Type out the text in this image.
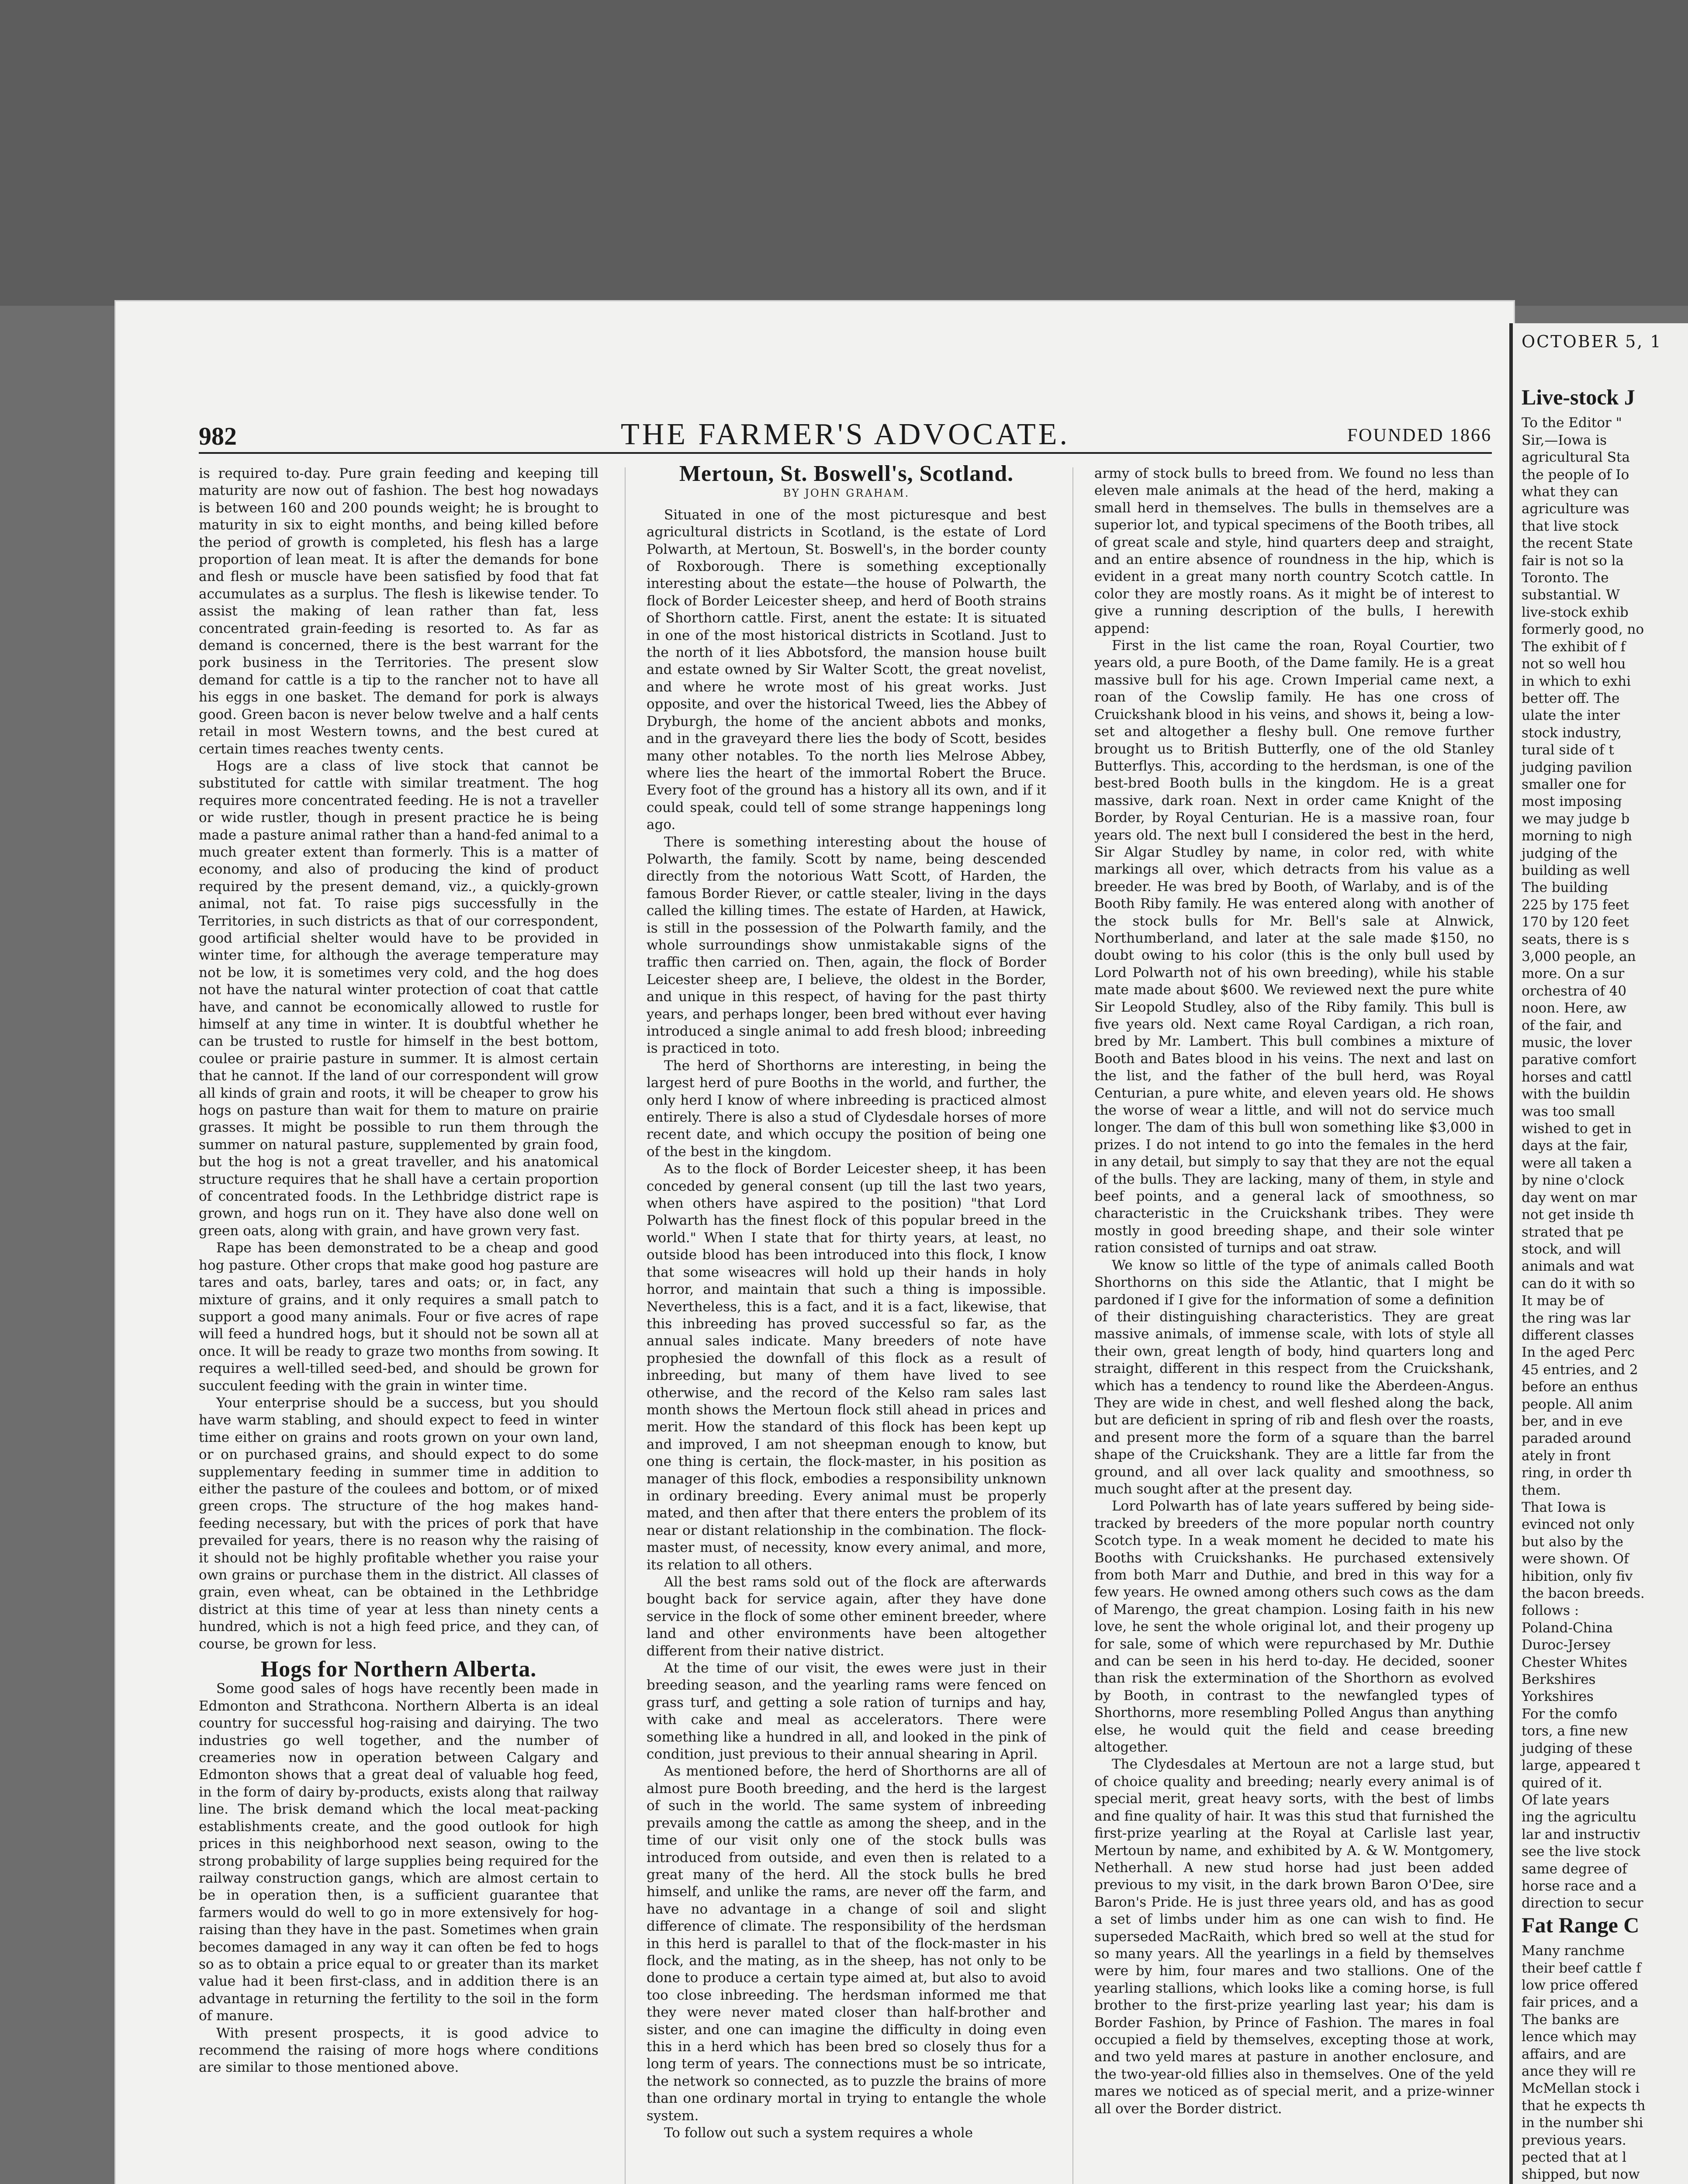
982	THE FARMER'S ADVOCATE.	FOUNDED 1866

is required to-day. Pure grain feeding and keeping till maturity are now out of fashion. The best hog nowadays is between 160 and 200 pounds weight; he is brought to maturity in six to eight months, and being killed before the period of growth is completed, his flesh has a large proportion of lean meat. It is after the demands for bone and flesh or muscle have been satisfied by food that fat accumulates as a surplus. The flesh is likewise tender. To assist the making of lean rather than fat, less concentrated grain-feeding is resorted to. As far as demand is concerned, there is the best warrant for the pork business in the Territories. The present slow demand for cattle is a tip to the rancher not to have all his eggs in one basket. The demand for pork is always good. Green bacon is never below twelve and a half cents retail in most Western towns, and the best cured at certain times reaches twenty cents.

Hogs are a class of live stock that cannot be substituted for cattle with similar treatment. The hog requires more concentrated feeding. He is not a traveller or wide rustler, though in present practice he is being made a pasture animal rather than a hand-fed animal to a much greater extent than formerly. This is a matter of economy, and also of producing the kind of product required by the present demand, viz., a quickly-grown animal, not fat. To raise pigs successfully in the Territories, in such districts as that of our correspondent, good artificial shelter would have to be provided in winter time, for although the average temperature may not be low, it is sometimes very cold, and the hog does not have the natural winter protection of coat that cattle have, and cannot be economically allowed to rustle for himself at any time in winter. It is doubtful whether he can be trusted to rustle for himself in the best bottom, coulee or prairie pasture in summer. It is almost certain that he cannot. If the land of our correspondent will grow all kinds of grain and roots, it will be cheaper to grow his hogs on pasture than wait for them to mature on prairie grasses. It might be possible to run them through the summer on natural pasture, supplemented by grain food, but the hog is not a great traveller, and his anatomical structure requires that he shall have a certain proportion of concentrated foods. In the Lethbridge district rape is grown, and hogs run on it. They have also done well on green oats, along with grain, and have grown very fast.

Rape has been demonstrated to be a cheap and good hog pasture. Other crops that make good hog pasture are tares and oats, barley, tares and oats; or, in fact, any mixture of grains, and it only requires a small patch to support a good many animals. Four or five acres of rape will feed a hundred hogs, but it should not be sown all at once. It will be ready to graze two months from sowing. It requires a well-tilled seed-bed, and should be grown for succulent feeding with the grain in winter time.

Your enterprise should be a success, but you should have warm stabling, and should expect to feed in winter time either on grains and roots grown on your own land, or on purchased grains, and should expect to do some supplementary feeding in summer time in addition to either the pasture of the coulees and bottom, or of mixed green crops. The structure of the hog makes hand-feeding necessary, but with the prices of pork that have prevailed for years, there is no reason why the raising of it should not be highly profitable whether you raise your own grains or purchase them in the district. All classes of grain, even wheat, can be obtained in the Lethbridge district at this time of year at less than ninety cents a hundred, which is not a high feed price, and they can, of course, be grown for less.

Hogs for Northern Alberta.

Some good sales of hogs have recently been made in Edmonton and Strathcona. Northern Alberta is an ideal country for successful hog-raising and dairying. The two industries go well together, and the number of creameries now in operation between Calgary and Edmonton shows that a great deal of valuable hog feed, in the form of dairy by-products, exists along that railway line. The brisk demand which the local meat-packing establishments create, and the good outlook for high prices in this neighborhood next season, owing to the strong probability of large supplies being required for the railway construction gangs, which are almost certain to be in operation then, is a sufficient guarantee that farmers would do well to go in more extensively for hog-raising than they have in the past. Sometimes when grain becomes damaged in any way it can often be fed to hogs so as to obtain a price equal to or greater than its market value had it been first-class, and in addition there is an advantage in returning the fertility to the soil in the form of manure.

With present prospects, it is good advice to recommend the raising of more hogs where conditions are similar to those mentioned above.

Mertoun, St. Boswell's, Scotland.
BY JOHN GRAHAM.

Situated in one of the most picturesque and best agricultural districts in Scotland, is the estate of Lord Polwarth, at Mertoun, St. Boswell's, in the border county of Roxborough. There is something exceptionally interesting about the estate—the house of Polwarth, the flock of Border Leicester sheep, and herd of Booth strains of Shorthorn cattle. First, anent the estate: It is situated in one of the most historical districts in Scotland. Just to the north of it lies Abbotsford, the mansion house built and estate owned by Sir Walter Scott, the great novelist, and where he wrote most of his great works. Just opposite, and over the historical Tweed, lies the Abbey of Dryburgh, the home of the ancient abbots and monks, and in the graveyard there lies the body of Scott, besides many other notables. To the north lies Melrose Abbey, where lies the heart of the immortal Robert the Bruce. Every foot of the ground has a history all its own, and if it could speak, could tell of some strange happenings long ago.

There is something interesting about the house of Polwarth, the family. Scott by name, being descended directly from the notorious Watt Scott, of Harden, the famous Border Riever, or cattle stealer, living in the days called the killing times. The estate of Harden, at Hawick, is still in the possession of the Polwarth family, and the whole surroundings show unmistakable signs of the traffic then carried on. Then, again, the flock of Border Leicester sheep are, I believe, the oldest in the Border, and unique in this respect, of having for the past thirty years, and perhaps longer, been bred without ever having introduced a single animal to add fresh blood; inbreeding is practiced in toto.

The herd of Shorthorns are interesting, in being the largest herd of pure Booths in the world, and further, the only herd I know of where inbreeding is practiced almost entirely. There is also a stud of Clydesdale horses of more recent date, and which occupy the position of being one of the best in the kingdom.

As to the flock of Border Leicester sheep, it has been conceded by general consent (up till the last two years, when others have aspired to the position) "that Lord Polwarth has the finest flock of this popular breed in the world." When I state that for thirty years, at least, no outside blood has been introduced into this flock, I know that some wiseacres will hold up their hands in holy horror, and maintain that such a thing is impossible. Nevertheless, this is a fact, and it is a fact, likewise, that this inbreeding has proved successful so far, as the annual sales indicate. Many breeders of note have prophesied the downfall of this flock as a result of inbreeding, but many of them have lived to see otherwise, and the record of the Kelso ram sales last month shows the Mertoun flock still ahead in prices and merit. How the standard of this flock has been kept up and improved, I am not sheepman enough to know, but one thing is certain, the flock-master, in his position as manager of this flock, embodies a responsibility unknown in ordinary breeding. Every animal must be properly mated, and then after that there enters the problem of its near or distant relationship in the combination. The flock-master must, of necessity, know every animal, and more, its relation to all others.

All the best rams sold out of the flock are afterwards bought back for service again, after they have done service in the flock of some other eminent breeder, where land and other environments have been altogether different from their native district.

At the time of our visit, the ewes were just in their breeding season, and the yearling rams were fenced on grass turf, and getting a sole ration of turnips and hay, with cake and meal as accelerators. There were something like a hundred in all, and looked in the pink of condition, just previous to their annual shearing in April.

As mentioned before, the herd of Shorthorns are all of almost pure Booth breeding, and the herd is the largest of such in the world. The same system of inbreeding prevails among the cattle as among the sheep, and in the time of our visit only one of the stock bulls was introduced from outside, and even then is related to a great many of the herd. All the stock bulls he bred himself, and unlike the rams, are never off the farm, and have no advantage in a change of soil and slight difference of climate. The responsibility of the herdsman in this herd is parallel to that of the flock-master in his flock, and the mating, as in the sheep, has not only to be done to produce a certain type aimed at, but also to avoid too close inbreeding. The herdsman informed me that they were never mated closer than half-brother and sister, and one can imagine the difficulty in doing even this in a herd which has been bred so closely thus for a long term of years. The connections must be so intricate, the network so connected, as to puzzle the brains of more than one ordinary mortal in trying to entangle the whole system.

To follow out such a system requires a whole

army of stock bulls to breed from. We found no less than eleven male animals at the head of the herd, making a small herd in themselves. The bulls in themselves are a superior lot, and typical specimens of the Booth tribes, all of great scale and style, hind quarters deep and straight, and an entire absence of roundness in the hip, which is evident in a great many north country Scotch cattle. In color they are mostly roans. As it might be of interest to give a running description of the bulls, I herewith append:

First in the list came the roan, Royal Courtier, two years old, a pure Booth, of the Dame family. He is a great massive bull for his age. Crown Imperial came next, a roan of the Cowslip family. He has one cross of Cruickshank blood in his veins, and shows it, being a low-set and altogether a fleshy bull. One remove further brought us to British Butterfly, one of the old Stanley Butterflys. This, according to the herdsman, is one of the best-bred Booth bulls in the kingdom. He is a great massive, dark roan. Next in order came Knight of the Border, by Royal Centurian. He is a massive roan, four years old. The next bull I considered the best in the herd, Sir Algar Studley by name, in color red, with white markings all over, which detracts from his value as a breeder. He was bred by Booth, of Warlaby, and is of the Booth Riby family. He was entered along with another of the stock bulls for Mr. Bell's sale at Alnwick, Northumberland, and later at the sale made $150, no doubt owing to his color (this is the only bull used by Lord Polwarth not of his own breeding), while his stable mate made about $600. We reviewed next the pure white Sir Leopold Studley, also of the Riby family. This bull is five years old. Next came Royal Cardigan, a rich roan, bred by Mr. Lambert. This bull combines a mixture of Booth and Bates blood in his veins. The next and last on the list, and the father of the bull herd, was Royal Centurian, a pure white, and eleven years old. He shows the worse of wear a little, and will not do service much longer. The dam of this bull won something like $3,000 in prizes. I do not intend to go into the females in the herd in any detail, but simply to say that they are not the equal of the bulls. They are lacking, many of them, in style and beef points, and a general lack of smoothness, so characteristic in the Cruickshank tribes. They were mostly in good breeding shape, and their sole winter ration consisted of turnips and oat straw.

We know so little of the type of animals called Booth Shorthorns on this side the Atlantic, that I might be pardoned if I give for the information of some a definition of their distinguishing characteristics. They are great massive animals, of immense scale, with lots of style all their own, great length of body, hind quarters long and straight, different in this respect from the Cruickshank, which has a tendency to round like the Aberdeen-Angus. They are wide in chest, and well fleshed along the back, but are deficient in spring of rib and flesh over the roasts, and present more the form of a square than the barrel shape of the Cruickshank. They are a little far from the ground, and all over lack quality and smoothness, so much sought after at the present day.

Lord Polwarth has of late years suffered by being side-tracked by breeders of the more popular north country Scotch type. In a weak moment he decided to mate his Booths with Cruickshanks. He purchased extensively from both Marr and Duthie, and bred in this way for a few years. He owned among others such cows as the dam of Marengo, the great champion. Losing faith in his new love, he sent the whole original lot, and their progeny up for sale, some of which were repurchased by Mr. Duthie and can be seen in his herd to-day. He decided, sooner than risk the extermination of the Shorthorn as evolved by Booth, in contrast to the newfangled types of Shorthorns, more resembling Polled Angus than anything else, he would quit the field and cease breeding altogether.

The Clydesdales at Mertoun are not a large stud, but of choice quality and breeding; nearly every animal is of special merit, great heavy sorts, with the best of limbs and fine quality of hair. It was this stud that furnished the first-prize yearling at the Royal at Carlisle last year, Mertoun by name, and exhibited by A. & W. Montgomery, Netherhall. A new stud horse had just been added previous to my visit, in the dark brown Baron O'Dee, sire Baron's Pride. He is just three years old, and has as good a set of limbs under him as one can wish to find. He superseded MacRaith, which bred so well at the stud for so many years. All the yearlings in a field by themselves were by him, four mares and two stallions. One of the yearling stallions, which looks like a coming horse, is full brother to the first-prize yearling last year; his dam is Border Fashion, by Prince of Fashion. The mares in foal occupied a field by themselves, excepting those at work, and two yeld mares at pasture in another enclosure, and the two-year-old fillies also in themselves. One of the yeld mares we noticed as of special merit, and a prize-winner all over the Border district.

OCTOBER 5, 1
Live-stock J
To the Editor "
Sir,—Iowa is
agricultural Sta
the people of Io
what they can
agriculture was
that live stock
the recent State
fair is not so la
Toronto. The
substantial. W
live-stock exhib
formerly good, no
The exhibit of f
not so well hou
in which to exhi
better off. The
ulate the inter
stock industry,
tural side of t
judging pavilion
smaller one for
most imposing
we may judge b
morning to nigh
judging of the
building as well
The building
225 by 175 feet
170 by 120 feet
seats, there is s
3,000 people, an
more. On a sur
orchestra of 40
noon. Here, aw
of the fair, and
music, the lover
parative comfort
horses and cattl
with the buildin
was too small
wished to get in
days at the fair,
were all taken a
by nine o'clock
day went on mar
not get inside th
strated that pe
stock, and will
animals and wat
can do it with so
It may be of
the ring was lar
different classes
In the aged Perc
45 entries, and 2
before an enthus
people. All anim
ber, and in eve
paraded around
ately in front
ring, in order th
them.
That Iowa is
evinced not only
but also by the
were shown. Of
hibition, only fiv
the bacon breeds.
follows :
Poland-China
Duroc-Jersey
Chester Whites
Berkshires
Yorkshires
For the comfo
tors, a fine new
judging of these
large, appeared t
quired of it.
Of late years
ing the agricultu
lar and instructiv
see the live stock
same degree of
horse race and a
direction to secur
Fat Range C
Many ranchme
their beef cattle f
low price offered
fair prices, and a
The banks are
lence which may
affairs, and are
ance they will re
McMellan stock i
that he expects th
in the number shi
previous years.
pected that at l
shipped, but now
